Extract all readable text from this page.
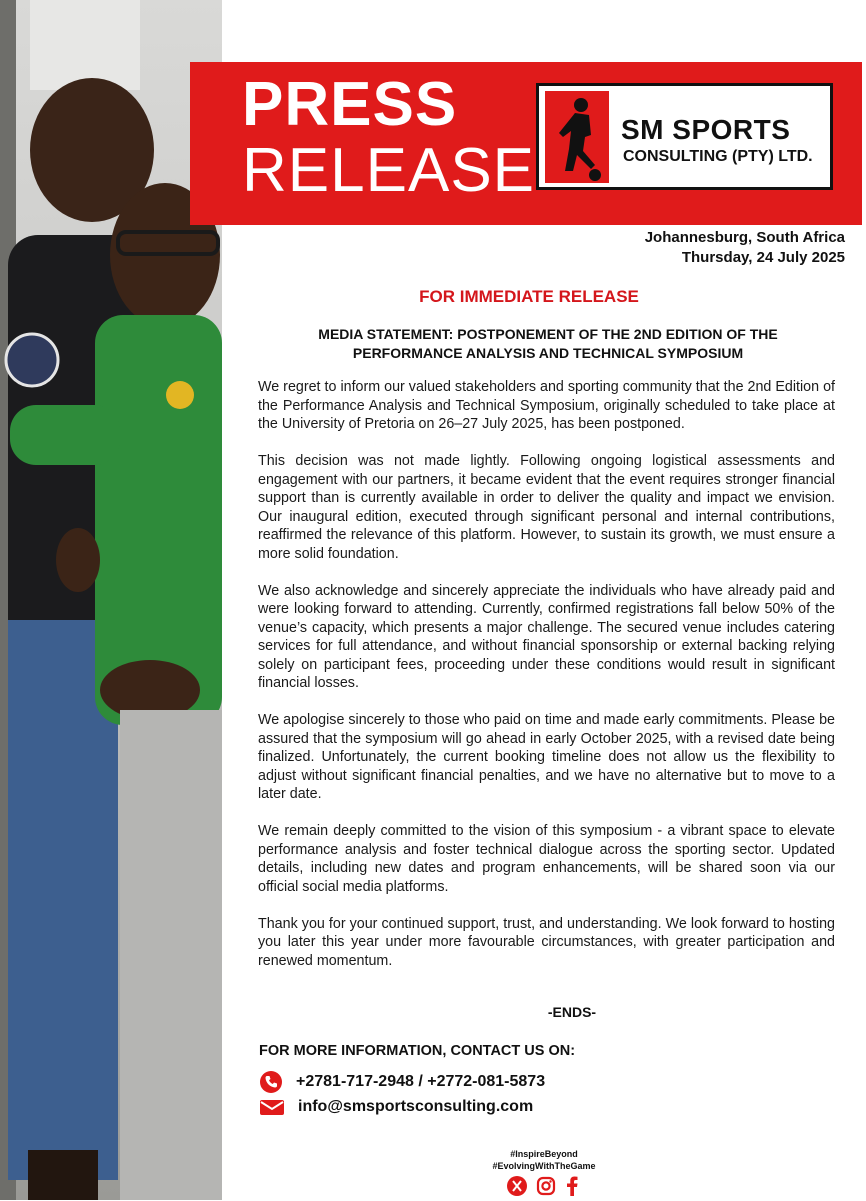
PRESS
RELEASE
SM SPORTS
CONSULTING (PTY) LTD.
Johannesburg, South Africa
Thursday, 24 July 2025
FOR IMMEDIATE RELEASE
MEDIA STATEMENT: POSTPONEMENT OF THE 2ND EDITION OF THE PERFORMANCE ANALYSIS AND TECHNICAL SYMPOSIUM

We regret to inform our valued stakeholders and sporting community that the 2nd Edition of the Performance Analysis and Technical Symposium, originally scheduled to take place at the University of Pretoria on 26–27 July 2025, has been postponed.

This decision was not made lightly. Following ongoing logistical assessments and engagement with our partners, it became evident that the event requires stronger financial support than is currently available in order to deliver the quality and impact we envision. Our inaugural edition, executed through significant personal and internal contributions, reaffirmed the relevance of this platform. However, to sustain its growth, we must ensure a more solid foundation.

We also acknowledge and sincerely appreciate the individuals who have already paid and were looking forward to attending. Currently, confirmed registrations fall below 50% of the venue’s capacity, which presents a major challenge. The secured venue includes catering services for full attendance, and without financial sponsorship or external backing relying solely on participant fees, proceeding under these conditions would result in significant financial losses.

We apologise sincerely to those who paid on time and made early commitments. Please be assured that the symposium will go ahead in early October 2025, with a revised date being finalized. Unfortunately, the current booking timeline does not allow us the flexibility to adjust without significant financial penalties, and we have no alternative but to move to a later date.

We remain deeply committed to the vision of this symposium - a vibrant space to elevate performance analysis and foster technical dialogue across the sporting sector. Updated details, including new dates and program enhancements, will be shared soon via our official social media platforms.

Thank you for your continued support, trust, and understanding. We look forward to hosting you later this year under more favourable circumstances, with greater participation and renewed momentum.

-ENDS-
FOR MORE INFORMATION, CONTACT US ON:
+2781-717-2948 / +2772-081-5873
info@smsportsconsulting.com
#InspireBeyond
#EvolvingWithTheGame
